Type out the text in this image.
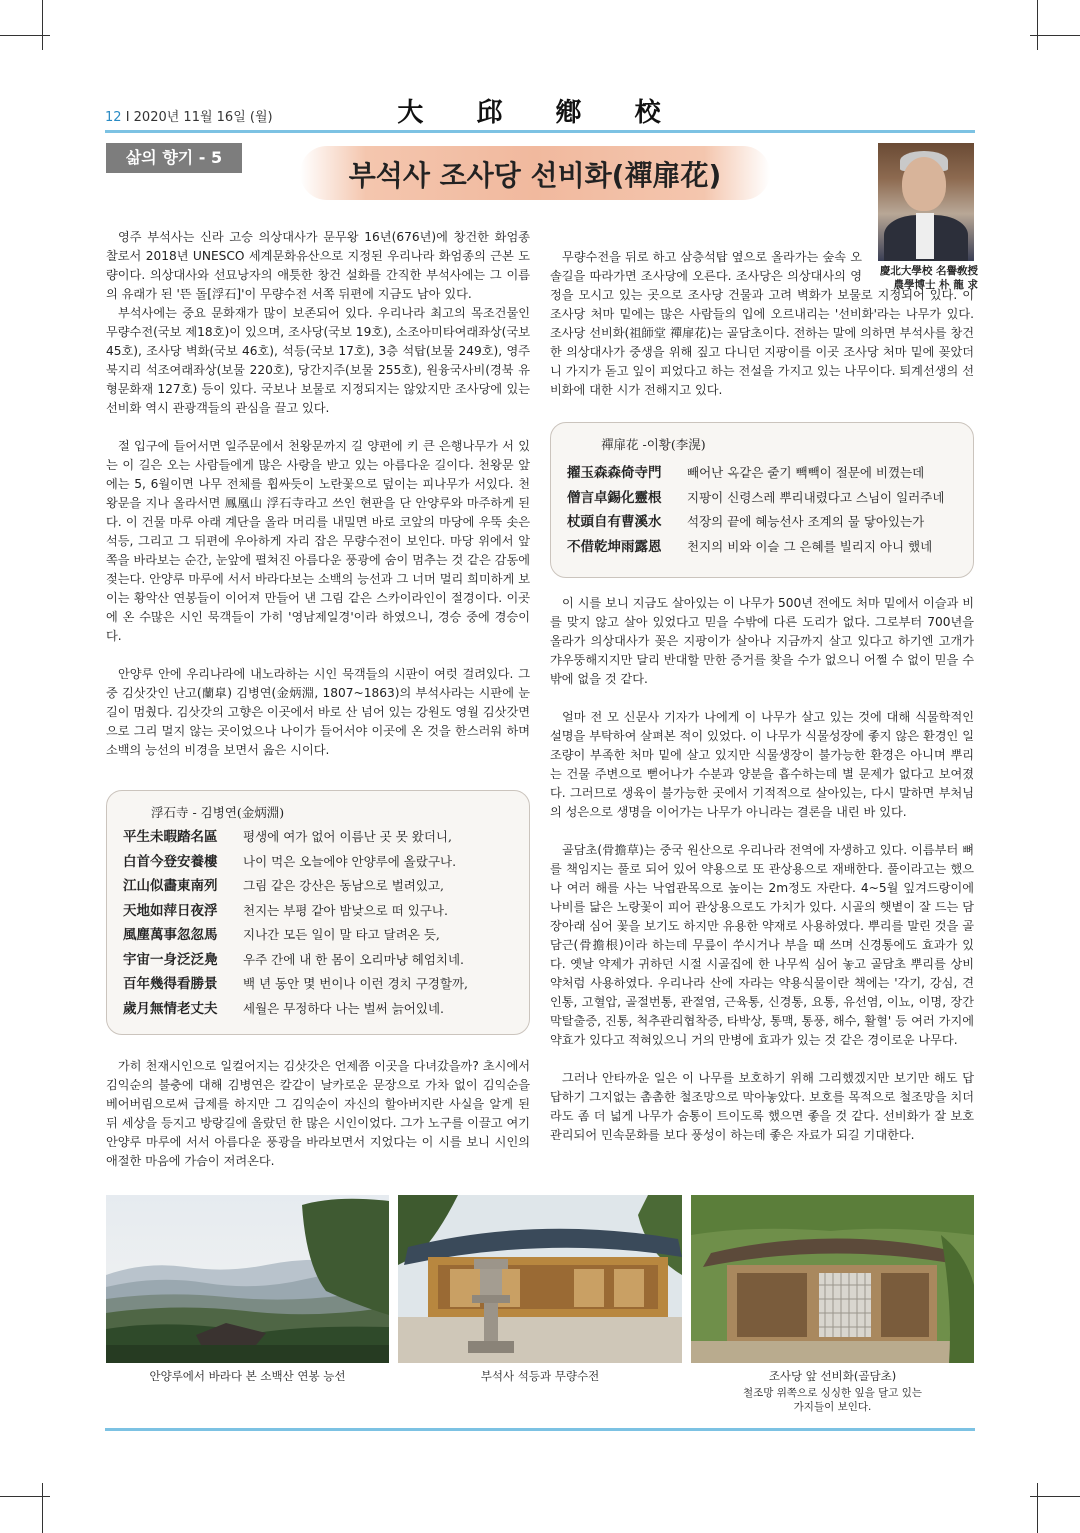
12 I 2020년 11월 16일 (월)	大 邱 鄕 校
삶의 향기 - 5
부석사 조사당 선비화(禪扉花)
慶北大學校 名譽敎授
農學博士 朴 龍 求

영주 부석사는 신라 고승 의상대사가 문무왕 16년(676년)에 창건한 화엄종 찰로서 2018년 UNESCO 세계문화유산으로 지정된 우리나라 화엄종의 근본 도량이다. 의상대사와 선묘낭자의 애틋한 창건 설화를 간직한 부석사에는 그 이름의 유래가 된 '뜬 돌[浮石]'이 무량수전 서쪽 뒤편에 지금도 남아 있다.

부석사에는 중요 문화재가 많이 보존되어 있다. 우리나라 최고의 목조건물인 무량수전(국보 제18호)이 있으며, 조사당(국보 19호), 소조아미타여래좌상(국보 45호), 조사당 벽화(국보 46호), 석등(국보 17호), 3층 석탑(보물 249호), 영주 북지리 석조여래좌상(보물 220호), 당간지주(보물 255호), 원융국사비(경북 유형문화재 127호) 등이 있다. 국보나 보물로 지정되지는 않았지만 조사당에 있는 선비화 역시 관광객들의 관심을 끌고 있다.

절 입구에 들어서면 일주문에서 천왕문까지 길 양편에 키 큰 은행나무가 서 있는 이 길은 오는 사람들에게 많은 사랑을 받고 있는 아름다운 길이다. 천왕문 앞에는 5, 6월이면 나무 전체를 휩싸듯이 노란꽃으로 덮이는 피나무가 서있다. 천왕문을 지나 올라서면 鳳凰山 浮石寺라고 쓰인 현판을 단 안양루와 마주하게 된다. 이 건물 마루 아래 계단을 올라 머리를 내밀면 바로 코앞의 마당에 우뚝 솟은 석등, 그리고 그 뒤편에 우아하게 자리 잡은 무량수전이 보인다. 마당 위에서 앞쪽을 바라보는 순간, 눈앞에 펼쳐진 아름다운 풍광에 숨이 멈추는 것 같은 감동에 젖는다. 안양루 마루에 서서 바라다보는 소백의 능선과 그 너머 멀리 희미하게 보이는 황악산 연봉들이 이어져 만들어 낸 그림 같은 스카이라인이 절경이다. 이곳에 온 수많은 시인 묵객들이 가히 '영남제일경'이라 하였으니, 경승 중에 경승이다.

안양루 안에 우리나라에 내노라하는 시인 묵객들의 시판이 여럿 걸려있다. 그 중 김삿갓인 난고(蘭皐) 김병연(金炳淵, 1807~1863)의 부석사라는 시판에 눈길이 멈췄다. 김삿갓의 고향은 이곳에서 바로 산 넘어 있는 강원도 영월 김삿갓면으로 그리 멀지 않는 곳이었으나 나이가 들어서야 이곳에 온 것을 한스러워 하며 소백의 능선의 비경을 보면서 읊은 시이다.

浮石寺 - 김병연(金炳淵)
平生未暇踏名區	평생에 여가 없어 이름난 곳 못 왔더니,
白首今登安養樓	나이 먹은 오늘에야 안양루에 올랐구나.
江山似畵東南列	그림 같은 강산은 동남으로 벌려있고,
天地如萍日夜浮	천지는 부평 같아 밤낮으로 떠 있구나.
風塵萬事忽忽馬	지나간 모든 일이 말 타고 달려온 듯,
宇宙一身泛泛鳧	우주 간에 내 한 몸이 오리마냥 헤엄치네.
百年幾得看勝景	백 년 동안 몇 번이나 이런 경치 구경할까,
歲月無情老丈夫	세월은 무정하다 나는 벌써 늙어있네.

가히 천재시인으로 일컬어지는 김삿갓은 언제쯤 이곳을 다녀갔을까? 초시에서 김익순의 불충에 대해 김병연은 칼같이 날카로운 문장으로 가차 없이 김익순을 베어버림으로써 급제를 하지만 그 김익순이 자신의 할아버지란 사실을 알게 된 뒤 세상을 등지고 방랑길에 올랐던 한 많은 시인이었다. 그가 노구를 이끌고 여기 안양루 마루에 서서 아름다운 풍광을 바라보면서 지었다는 이 시를 보니 시인의 애절한 마음에 가슴이 저려온다.

무량수전을 뒤로 하고 삼층석탑 옆으로 올라가는 숲속 오솔길을 따라가면 조사당에 오른다. 조사당은 의상대사의 영정을 모시고 있는 곳으로 조사당 건물과 고려 벽화가 보물로 지정되어 있다. 이 조사당 처마 밑에는 많은 사람들의 입에 오르내리는 '선비화'라는 나무가 있다. 조사당 선비화(祖師堂 禪扉花)는 골담초이다. 전하는 말에 의하면 부석사를 창건한 의상대사가 중생을 위해 짚고 다니던 지팡이를 이곳 조사당 처마 밑에 꽂았더니 가지가 돋고 잎이 피었다고 하는 전설을 가지고 있는 나무이다. 퇴계선생의 선비화에 대한 시가 전해지고 있다.

禪扉花 -이황(李滉)
擢玉森森倚寺門	빼어난 옥같은 줄기 빽빽이 절문에 비꼈는데
僧言卓錫化靈根	지팡이 신령스레 뿌리내렸다고 스님이 일러주네
杖頭自有曹溪水	석장의 끝에 혜능선사 조계의 물 닿아있는가
不借乾坤雨露恩	천지의 비와 이슬 그 은혜를 빌리지 아니 했네

이 시를 보니 지금도 살아있는 이 나무가 500년 전에도 처마 밑에서 이슬과 비를 맞지 않고 살아 있었다고 믿을 수밖에 다른 도리가 없다. 그로부터 700년을 올라가 의상대사가 꽂은 지팡이가 살아나 지금까지 살고 있다고 하기엔 고개가 갸우뚱해지지만 달리 반대할 만한 증거를 찾을 수가 없으니 어쩔 수 없이 믿을 수밖에 없을 것 같다.

얼마 전 모 신문사 기자가 나에게 이 나무가 살고 있는 것에 대해 식물학적인 설명을 부탁하여 살펴본 적이 있었다. 이 나무가 식물성장에 좋지 않은 환경인 일조량이 부족한 처마 밑에 살고 있지만 식물생장이 불가능한 환경은 아니며 뿌리는 건물 주변으로 뻗어나가 수분과 양분을 흡수하는데 별 문제가 없다고 보여졌다. 그러므로 생육이 불가능한 곳에서 기적적으로 살아있는, 다시 말하면 부처님의 성은으로 생명을 이어가는 나무가 아니라는 결론을 내린 바 있다.

골담초(骨擔草)는 중국 원산으로 우리나라 전역에 자생하고 있다. 이름부터 뼈를 책임지는 풀로 되어 있어 약용으로 또 관상용으로 재배한다. 풀이라고는 했으나 여러 해를 사는 낙엽관목으로 높이는 2m정도 자란다. 4~5월 잎겨드랑이에 나비를 닮은 노랑꽃이 피어 관상용으로도 가치가 있다. 시골의 햇볕이 잘 드는 담장아래 심어 꽃을 보기도 하지만 유용한 약재로 사용하였다. 뿌리를 말린 것을 골담근(骨擔根)이라 하는데 무릎이 쑤시거나 부을 때 쓰며 신경통에도 효과가 있다. 옛날 약제가 귀하던 시절 시골집에 한 나무씩 심어 놓고 골담초 뿌리를 상비약처럼 사용하였다. 우리나라 산에 자라는 약용식물이란 책에는 '각기, 강심, 견인통, 고혈압, 골절번통, 관절염, 근육통, 신경통, 요통, 유선염, 이뇨, 이명, 장간막탈출증, 진통, 척추관리협착증, 타박상, 통맥, 통풍, 해수, 활혈' 등 여러 가지에 약효가 있다고 적혀있으니 거의 만병에 효과가 있는 것 같은 경이로운 나무다.

그러나 안타까운 일은 이 나무를 보호하기 위해 그리했겠지만 보기만 해도 답답하기 그지없는 촘촘한 철조망으로 막아놓았다. 보호를 목적으로 철조망을 치더라도 좀 더 넓게 나무가 숨통이 트이도록 했으면 좋을 것 같다. 선비화가 잘 보호 관리되어 민속문화를 보다 풍성이 하는데 좋은 자료가 되길 기대한다.

안양루에서 바라다 본 소백산 연봉 능선	부석사 석등과 무량수전	조사당 앞 선비화(골담초)
철조망 위쪽으로 싱싱한 잎을 달고 있는
가지들이 보인다.
